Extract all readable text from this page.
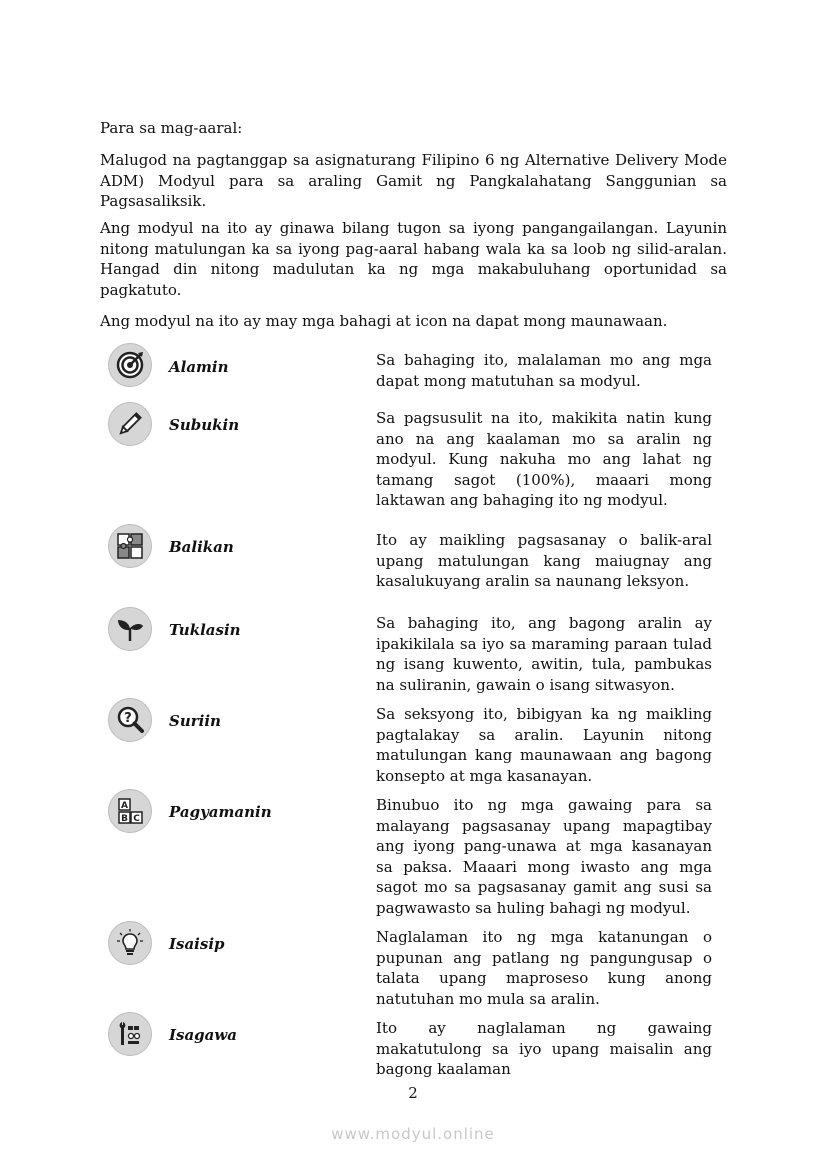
Para sa mag-aaral:
Malugod na pagtanggap sa asignaturang Filipino 6 ng Alternative Delivery Mode ADM) Modyul para sa araling Gamit ng Pangkalahatang Sanggunian sa Pagsasaliksik.
Ang modyul na ito ay ginawa bilang tugon sa iyong pangangailangan. Layunin nitong matulungan ka sa iyong pag-aaral habang wala ka sa loob ng silid-aralan. Hangad din nitong madulutan ka ng mga makabuluhang oportunidad sa pagkatuto.
Ang modyul na ito ay may mga bahagi at icon na dapat mong maunawaan.
Alamin	Sa bahaging ito, malalaman mo ang mga dapat mong matutuhan sa modyul.
Subukin	Sa pagsusulit na ito, makikita natin kung ano na ang kaalaman mo sa aralin ng modyul. Kung nakuha mo ang lahat ng tamang sagot (100%), maaari mong laktawan ang bahaging ito ng modyul.
Balikan	Ito ay maikling pagsasanay o balik-aral upang matulungan kang maiugnay ang kasalukuyang aralin sa naunang leksyon.
Tuklasin	Sa bahaging ito, ang bagong aralin ay ipakikilala sa iyo sa maraming paraan tulad ng isang kuwento, awitin, tula, pambukas na suliranin, gawain o isang sitwasyon.
? Suriin	Sa seksyong ito, bibigyan ka ng maikling pagtalakay sa aralin. Layunin nitong matulungan kang maunawaan ang bagong konsepto at mga kasanayan.
A
B C Pagyamanin	Binubuo ito ng mga gawaing para sa malayang pagsasanay upang mapagtibay ang iyong pang-unawa at mga kasanayan sa paksa. Maaari mong iwasto ang mga sagot mo sa pagsasanay gamit ang susi sa pagwawasto sa huling bahagi ng modyul.
Isaisip	Naglalaman ito ng mga katanungan o pupunan ang patlang ng pangungusap o talata upang maproseso kung anong natutuhan mo mula sa aralin.
Isagawa	Ito ay naglalaman ng gawaing makatutulong sa iyo upang maisalin ang bagong kaalaman
2
www.modyul.online
